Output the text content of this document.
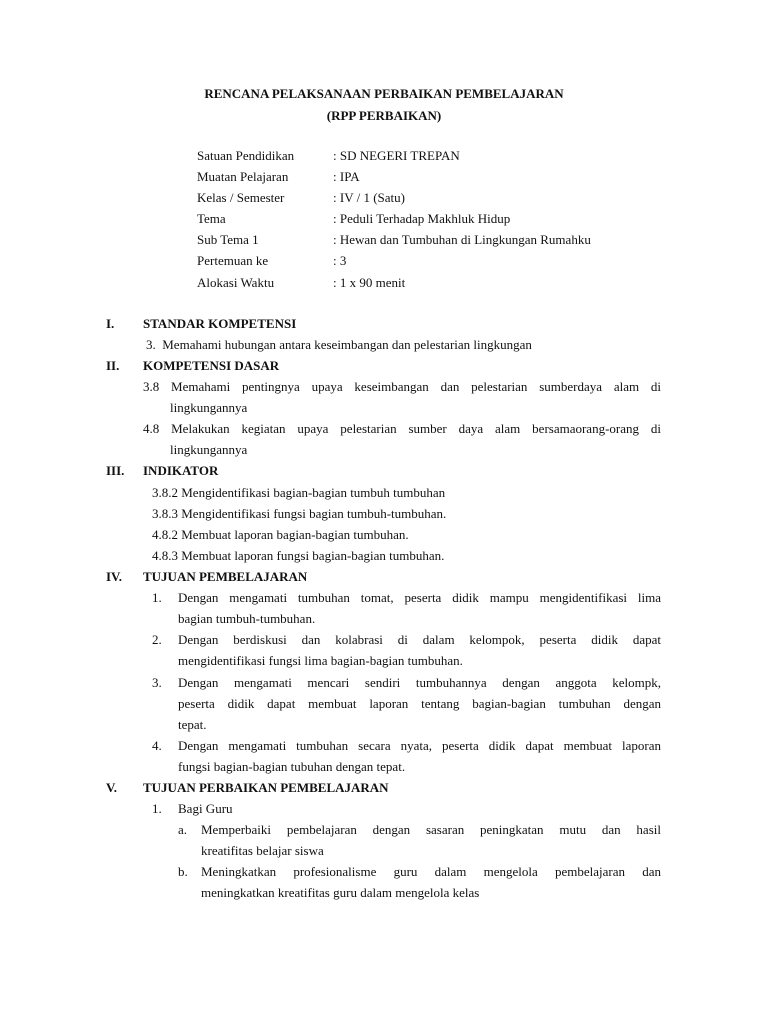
RENCANA PELAKSANAAN PERBAIKAN PEMBELAJARAN
(RPP PERBAIKAN)
Satuan Pendidikan	: SD NEGERI TREPAN
Muatan Pelajaran	: IPA
Kelas / Semester	: IV / 1 (Satu)
Tema	: Peduli Terhadap Makhluk Hidup
Sub Tema 1	: Hewan dan Tumbuhan di Lingkungan Rumahku
Pertemuan ke	: 3
Alokasi Waktu	: 1 x 90 menit
I. STANDAR KOMPETENSI
3. Memahami hubungan antara keseimbangan dan pelestarian lingkungan
II. KOMPETENSI DASAR
3.8 Memahami pentingnya upaya keseimbangan dan pelestarian sumberdaya alam di
lingkungannya
4.8 Melakukan kegiatan upaya pelestarian sumber daya alam bersamaorang-orang di
lingkungannya
III. INDIKATOR
3.8.2 Mengidentifikasi bagian-bagian tumbuh tumbuhan
3.8.3 Mengidentifikasi fungsi bagian tumbuh-tumbuhan.
4.8.2 Membuat laporan bagian-bagian tumbuhan.
4.8.3 Membuat laporan fungsi bagian-bagian tumbuhan.
IV. TUJUAN PEMBELAJARAN
1. Dengan mengamati tumbuhan tomat, peserta didik mampu mengidentifikasi lima
bagian tumbuh-tumbuhan.
2. Dengan berdiskusi dan kolabrasi di dalam kelompok, peserta didik dapat
mengidentifikasi fungsi lima bagian-bagian tumbuhan.
3. Dengan mengamati mencari sendiri tumbuhannya dengan anggota kelompk,
peserta didik dapat membuat laporan tentang bagian-bagian tumbuhan dengan
tepat.
4. Dengan mengamati tumbuhan secara nyata, peserta didik dapat membuat laporan
fungsi bagian-bagian tubuhan dengan tepat.
V. TUJUAN PERBAIKAN PEMBELAJARAN
1. Bagi Guru
a. Memperbaiki pembelajaran dengan sasaran peningkatan mutu dan hasil
kreatifitas belajar siswa
b. Meningkatkan profesionalisme guru dalam mengelola pembelajaran dan
meningkatkan kreatifitas guru dalam mengelola kelas
